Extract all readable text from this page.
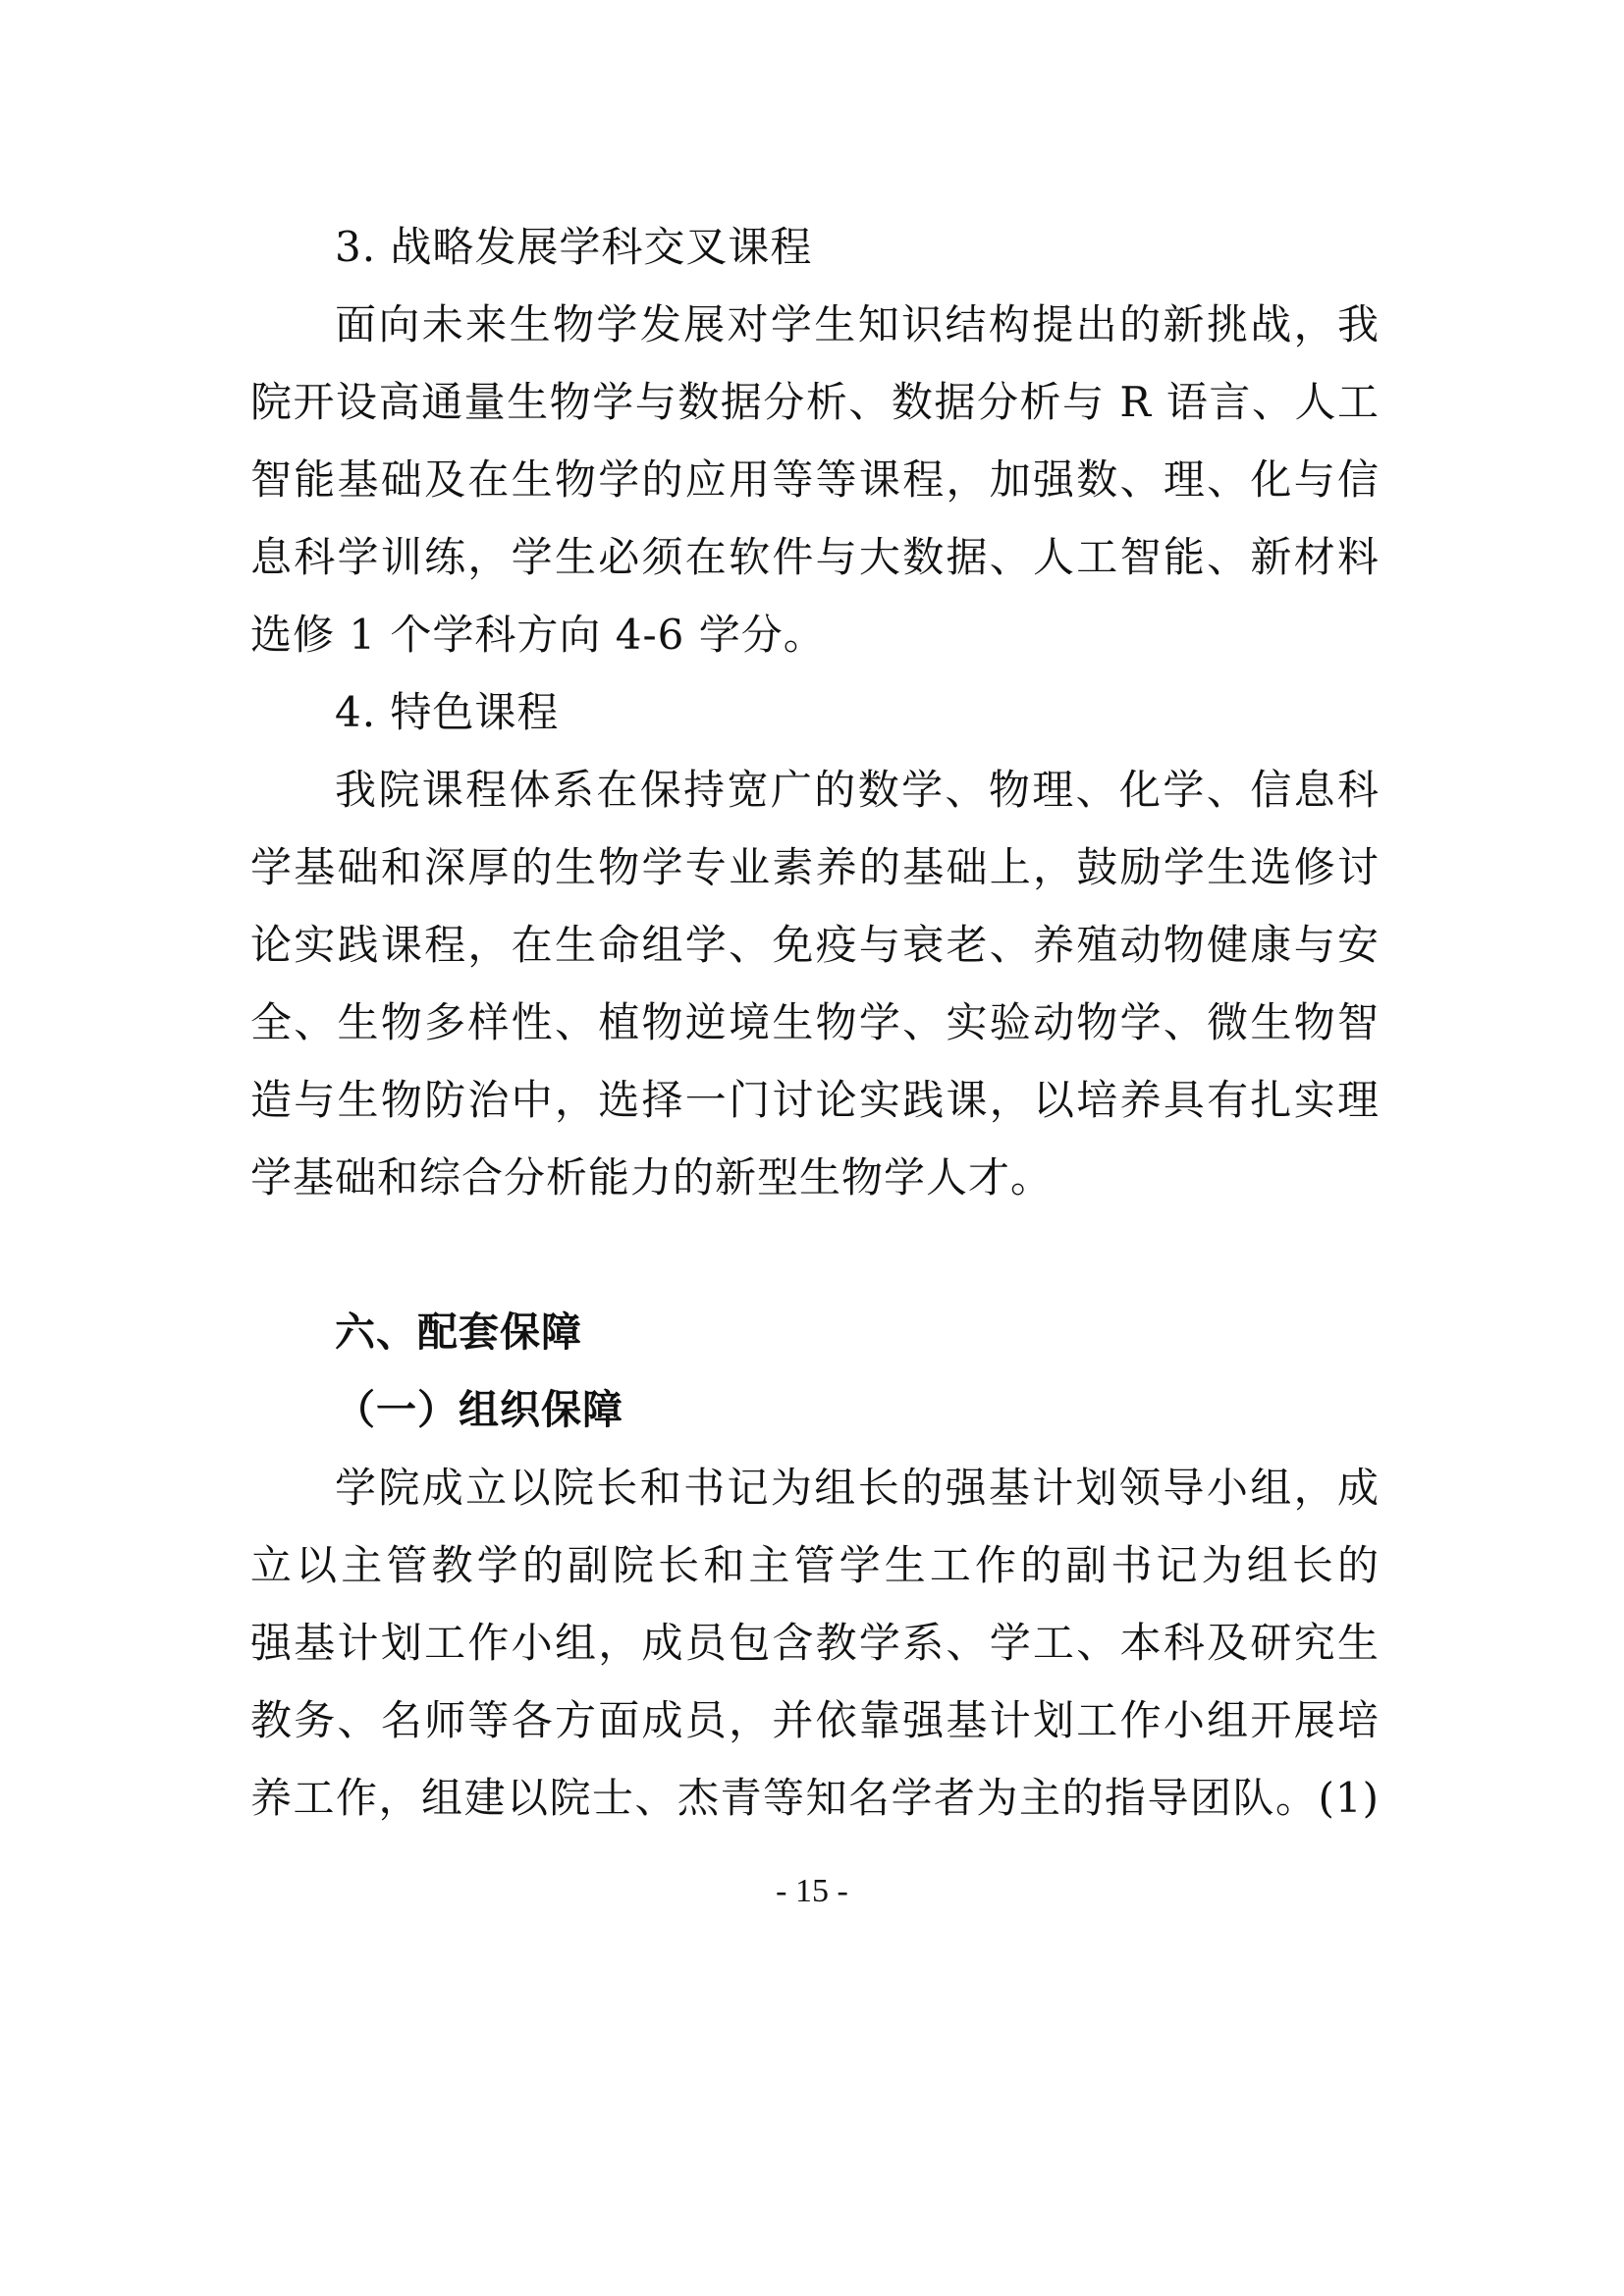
3. 战略发展学科交叉课程
面向未来生物学发展对学生知识结构提出的新挑战，我
院开设高通量生物学与数据分析、数据分析与 R 语言、人工
智能基础及在生物学的应用等等课程，加强数、理、化与信
息科学训练，学生必须在软件与大数据、人工智能、新材料
选修 1 个学科方向 4-6 学分。
4. 特色课程
我院课程体系在保持宽广的数学、物理、化学、信息科
学基础和深厚的生物学专业素养的基础上，鼓励学生选修讨
论实践课程，在生命组学、免疫与衰老、养殖动物健康与安
全、生物多样性、植物逆境生物学、实验动物学、微生物智
造与生物防治中，选择一门讨论实践课，以培养具有扎实理
学基础和综合分析能力的新型生物学人才。
六、配套保障
（一）组织保障
学院成立以院长和书记为组长的强基计划领导小组，成
立以主管教学的副院长和主管学生工作的副书记为组长的
强基计划工作小组，成员包含教学系、学工、本科及研究生
教务、名师等各方面成员，并依靠强基计划工作小组开展培
养工作，组建以院士、杰青等知名学者为主的指导团队。(1)
- 15 -
